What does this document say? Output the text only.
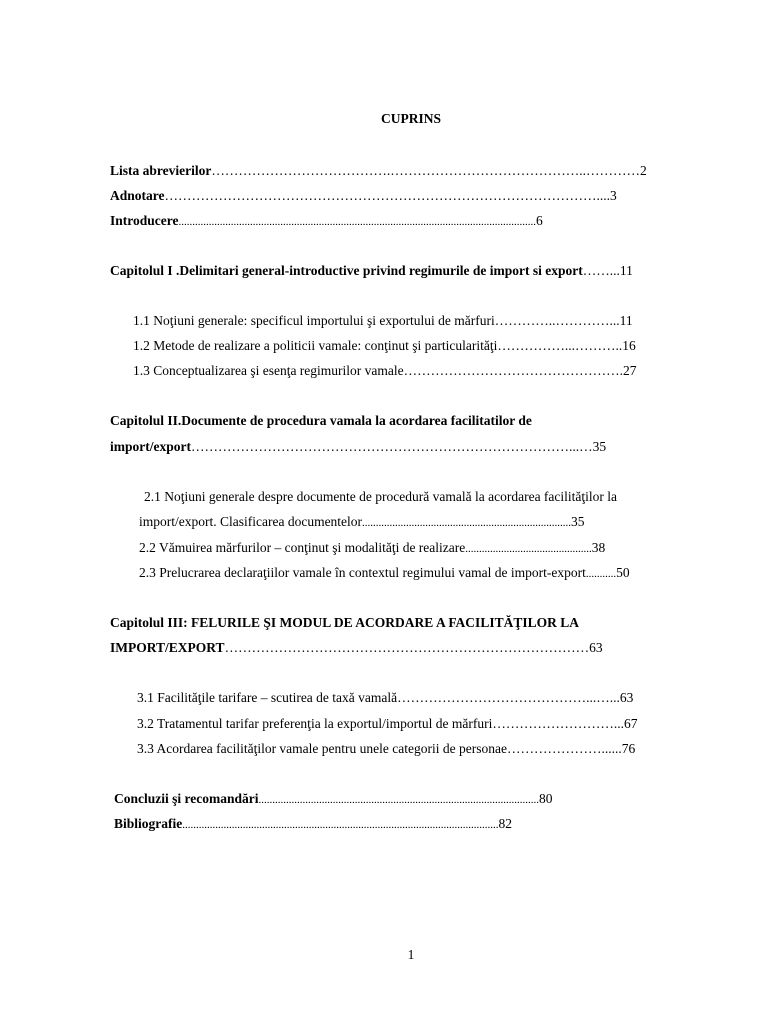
CUPRINS
Lista abrevierilor………………………………….……………………………………..…………2
Adnotare……………………………………………………………………………………....3
Introducere..................................................................................................................................6
Capitolul I .Delimitari general-introductive privind regimurile de import si export……...11
1.1 Noţiuni generale: specificul importului şi exportului de mărfuri…………..…………...11
1.2 Metode de realizare a politicii vamale: conţinut şi particularităţi……………...………..16
1.3 Conceptualizarea şi esenţa regimurilor vamale………………………………………….27
Capitolul II.Documente de procedura vamala la acordarea facilitatilor de
import/export…………………………………………………………………………...…35
2.1 Noţiuni generale despre documente de procedură vamală la acordarea facilităţilor la
import/export. Clasificarea documentelor............................................................................35
2.2 Vămuirea mărfurilor – conţinut şi modalităţi de realizare..............................................38
2.3 Prelucrarea declaraţiilor vamale în contextul regimului vamal de import-export...........50
Capitolul III: FELURILE ŞI MODUL DE ACORDARE A FACILITĂŢILOR LA
IMPORT/EXPORT………………………………………………………………………63
3.1 Facilităţile tarifare – scutirea de taxă vamală……………………………………...…...63
3.2 Tratamentul tarifar preferenţia la exportul/importul de mărfuri………………………...67
3.3 Acordarea facilităţilor vamale pentru unele categorii de personae…………………......76
Concluzii şi recomandări......................................................................................................80
Bibliografie...................................................................................................................82
1
